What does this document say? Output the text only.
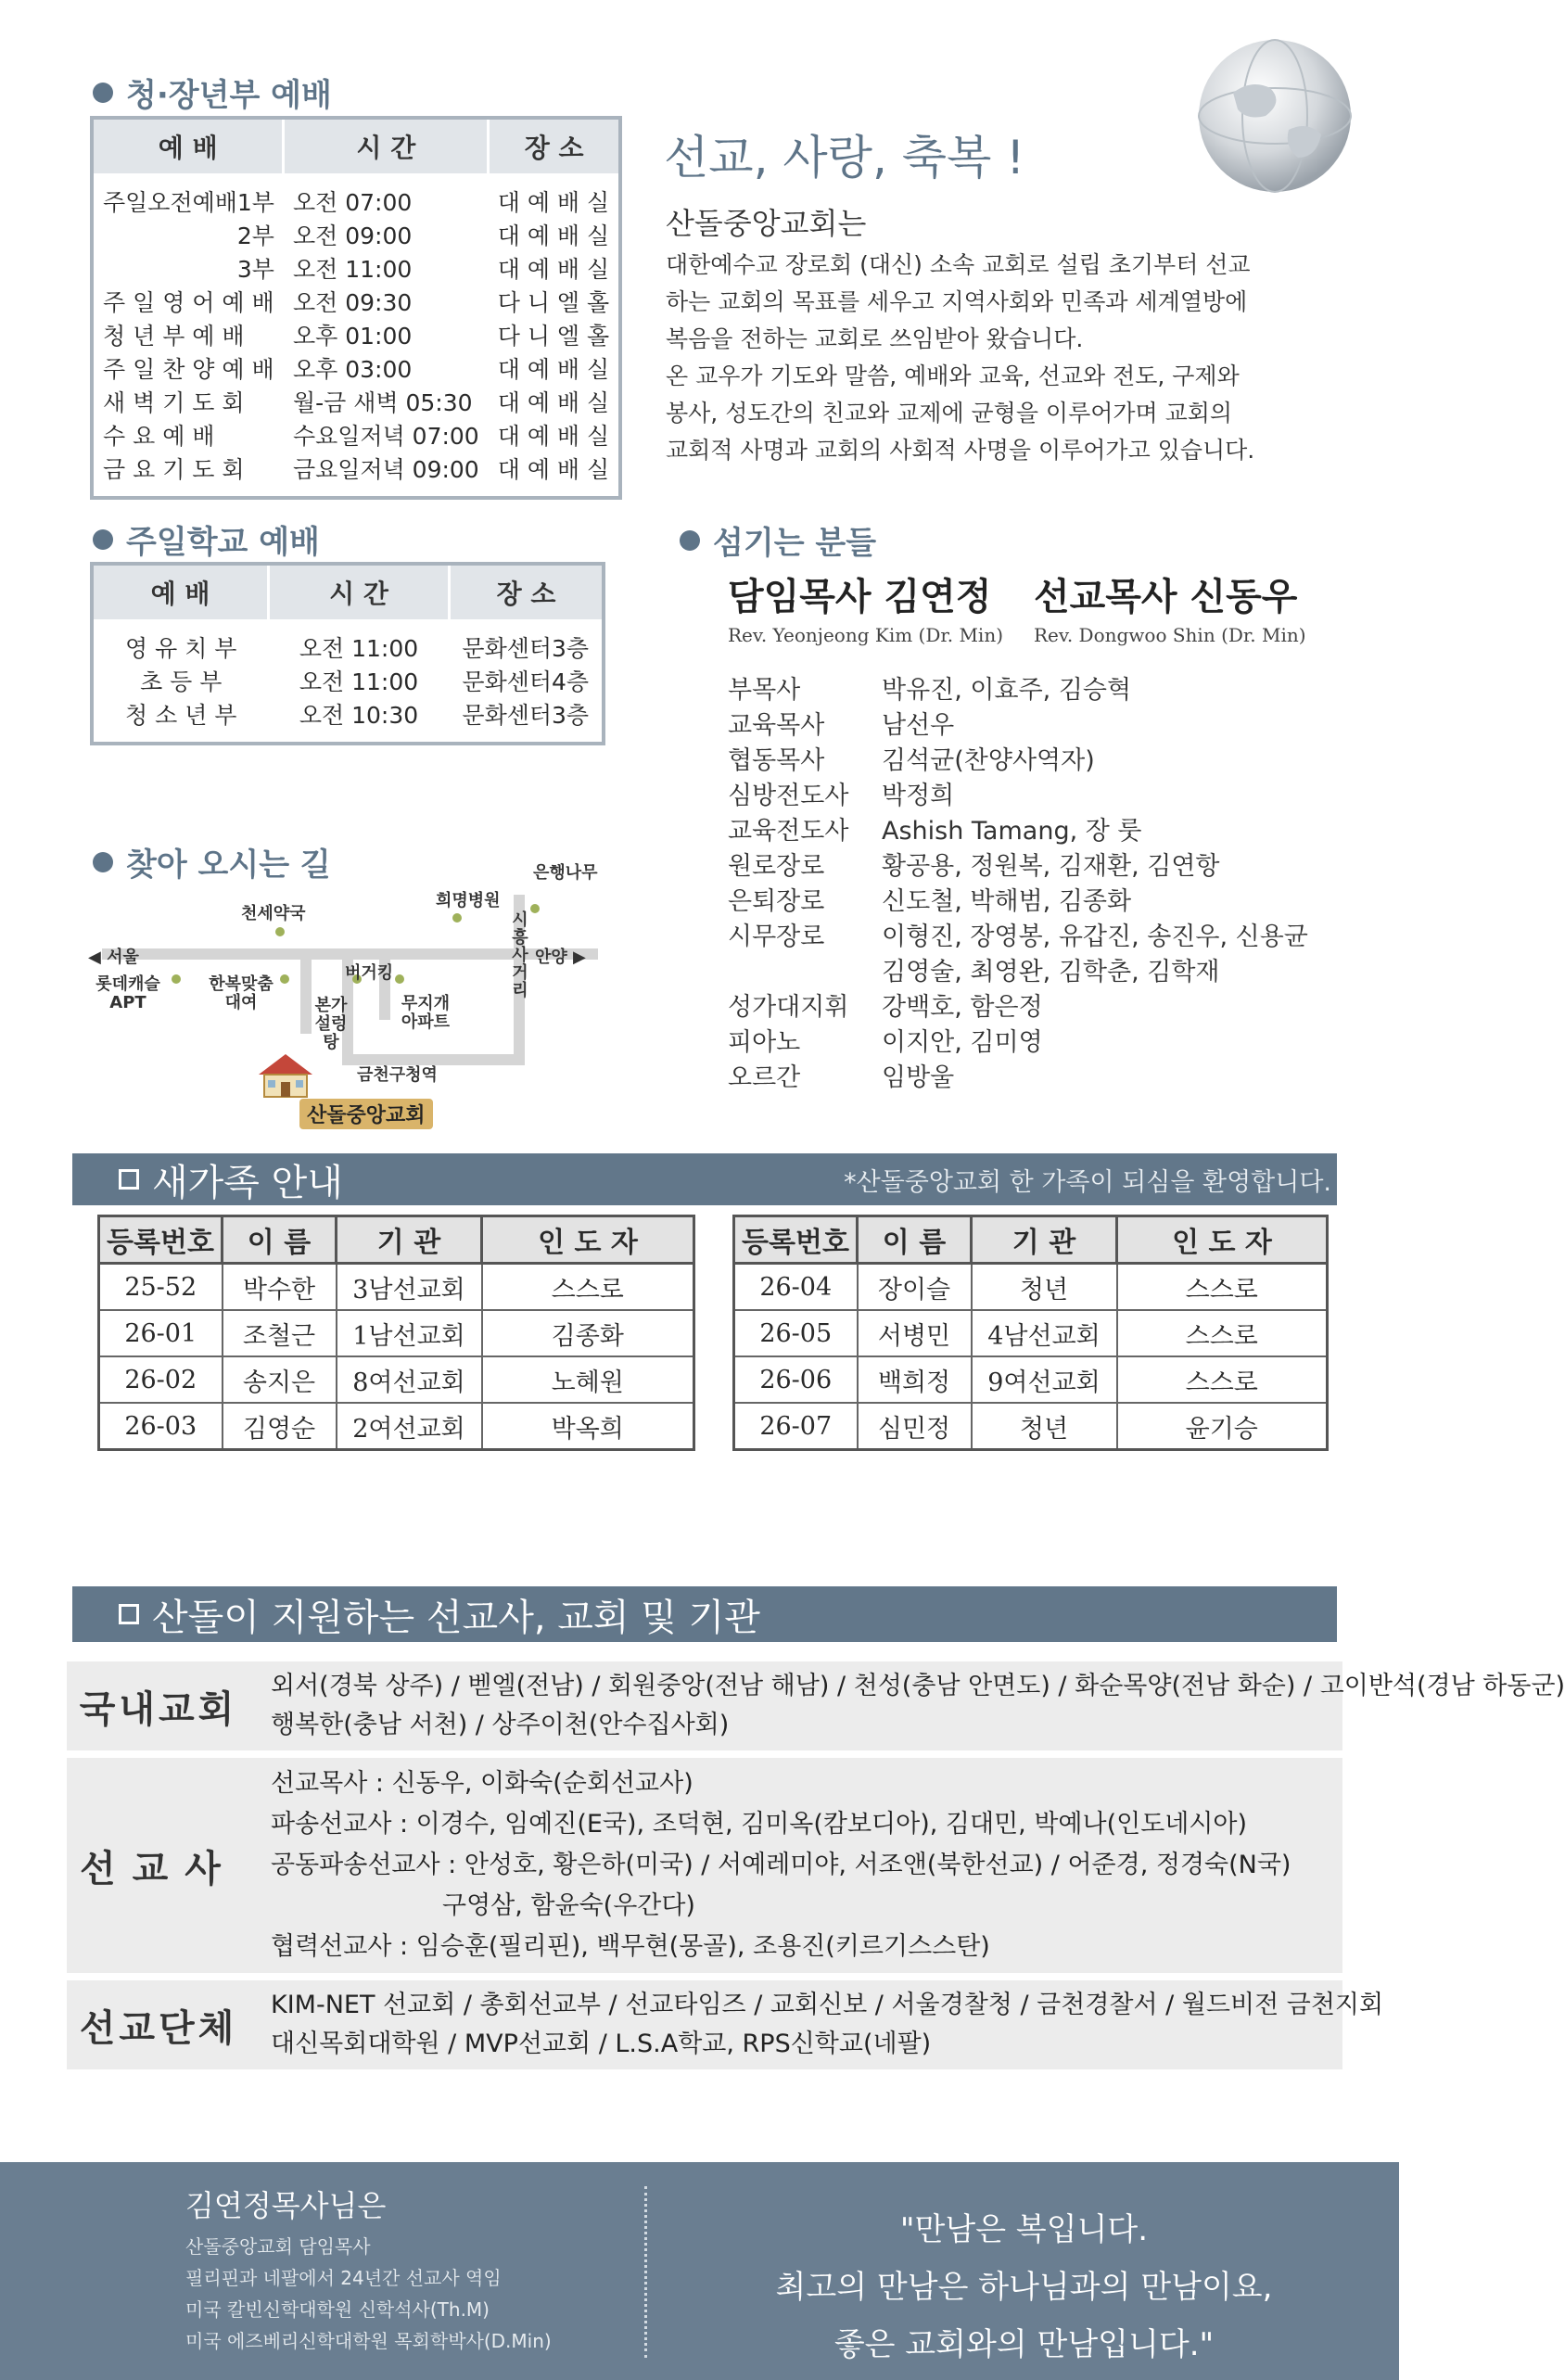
청·장년부 예배
예 배	시 간	장 소
주일오전예배1부	오전 07:00	대 예 배 실
2부	오전 09:00	대 예 배 실
3부	오전 11:00	대 예 배 실
주 일 영 어 예 배	오전 09:30	다 니 엘 홀
청 년 부 예 배	오후 01:00	다 니 엘 홀
주 일 찬 양 예 배	오후 03:00	대 예 배 실
새 벽 기 도 회	월-금 새벽 05:30	대 예 배 실
수 요 예 배	수요일저녁 07:00	대 예 배 실
금 요 기 도 회	금요일저녁 09:00	대 예 배 실
주일학교 예배
예 배	시 간	장 소
영 유 치 부	오전 11:00	문화센터3층
초 등 부	오전 11:00	문화센터4층
청 소 년 부	오전 10:30	문화센터3층
찾아 오시는 길
◀ 서울	안양 ▶
은행나무
희명병원
천세약국
롯데캐슬 APT
한복맞춤 대여
버거킹
본가 설렁탕
무지개 아파트
시흥사거리
금천구청역
산돌중앙교회
선교, 사랑, 축복 !
산돌중앙교회는
대한예수교 장로회 (대신) 소속 교회로 설립 초기부터 선교하는 교회의 목표를 세우고 지역사회와 민족과 세계열방에 복음을 전하는 교회로 쓰임받아 왔습니다.
온 교우가 기도와 말씀, 예배와 교육, 선교와 전도, 구제와 봉사, 성도간의 친교와 교제에 균형을 이루어가며 교회의 교회적 사명과 교회의 사회적 사명을 이루어가고 있습니다.
섬기는 분들
담임목사 김연정
Rev. Yeonjeong Kim (Dr. Min)
선교목사 신동우
Rev. Dongwoo Shin (Dr. Min)
부목사	박유진, 이효주, 김승혁
교육목사	남선우
협동목사	김석균(찬양사역자)
심방전도사	박정희
교육전도사	Ashish Tamang, 장 룻
원로장로	황공용, 정원복, 김재환, 김연항
은퇴장로	신도철, 박해범, 김종화
시무장로	이형진, 장영봉, 유갑진, 송진우, 신용균
김영술, 최영완, 김학춘, 김학재
성가대지휘	강백호, 함은정
피아노	이지안, 김미영
오르간	임방울
새가족 안내	*산돌중앙교회 한 가족이 되심을 환영합니다.
등록번호	이 름	기 관	인 도 자
25-52	박수한	3남선교회	스스로
26-01	조철근	1남선교회	김종화
26-02	송지은	8여선교회	노혜원
26-03	김영순	2여선교회	박옥희
등록번호	이 름	기 관	인 도 자
26-04	장이슬	청년	스스로
26-05	서병민	4남선교회	스스로
26-06	백희정	9여선교회	스스로
26-07	심민정	청년	윤기승
산돌이 지원하는 선교사, 교회 및 기관
국내교회
외서(경북 상주) / 벧엘(전남) / 회원중앙(전남 해남) / 천성(충남 안면도) / 화순목양(전남 화순) / 고이반석(경남 하동군)
행복한(충남 서천) / 상주이천(안수집사회)
선교사
선교목사 : 신동우, 이화숙(순회선교사)
파송선교사 : 이경수, 임예진(E국), 조덕현, 김미옥(캄보디아), 김대민, 박예나(인도네시아)
공동파송선교사 : 안성호, 황은하(미국) / 서예레미야, 서조앤(북한선교) / 어준경, 정경숙(N국)
구영삼, 함윤숙(우간다)
협력선교사 : 임승훈(필리핀), 백무현(몽골), 조용진(키르기스스탄)
선교단체
KIM-NET 선교회 / 총회선교부 / 선교타임즈 / 교회신보 / 서울경찰청 / 금천경찰서 / 월드비전 금천지회
대신목회대학원 / MVP선교회 / L.S.A학교, RPS신학교(네팔)
김연정목사님은
산돌중앙교회 담임목사
필리핀과 네팔에서 24년간 선교사 역임
미국 칼빈신학대학원 신학석사(Th.M)
미국 에즈베리신학대학원 목회학박사(D.Min)
"만남은 복입니다.
최고의 만남은 하나님과의 만남이요,
좋은 교회와의 만남입니다."
